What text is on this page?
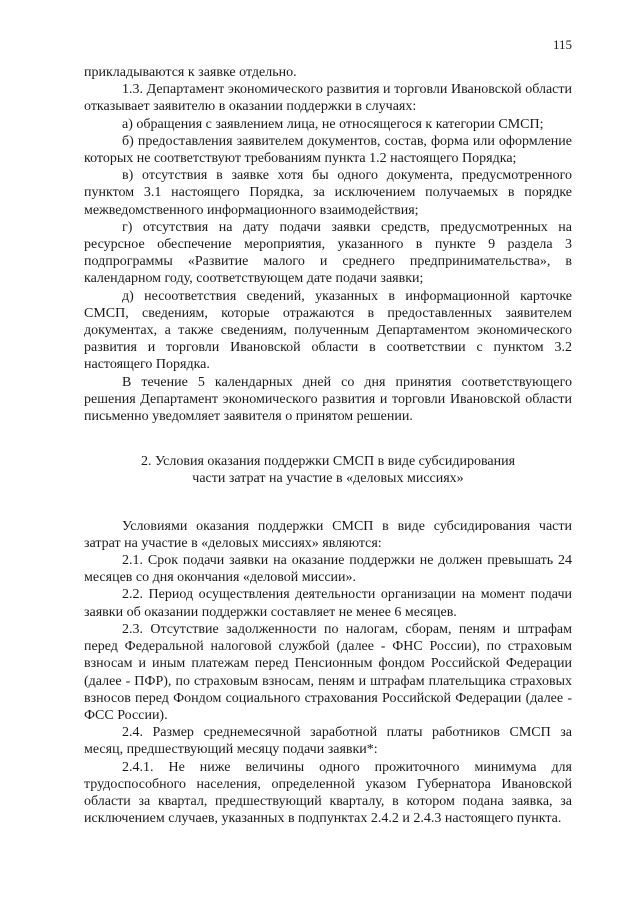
115

прикладываются к заявке отдельно.

1.3. Департамент экономического развития и торговли Ивановской области отказывает заявителю в оказании поддержки в случаях:

а) обращения с заявлением лица, не относящегося к категории СМСП;

б) предоставления заявителем документов, состав, форма или оформление которых не соответствуют требованиям пункта 1.2 настоящего Порядка;

в) отсутствия в заявке хотя бы одного документа, предусмотренного пунктом 3.1 настоящего Порядка, за исключением получаемых в порядке межведомственного информационного взаимодействия;

г) отсутствия на дату подачи заявки средств, предусмотренных на ресурсное обеспечение мероприятия, указанного в пункте 9 раздела 3 подпрограммы «Развитие малого и среднего предпринимательства», в календарном году, соответствующем дате подачи заявки;

д) несоответствия сведений, указанных в информационной карточке СМСП, сведениям, которые отражаются в предоставленных заявителем документах, а также сведениям, полученным Департаментом экономического развития и торговли Ивановской области в соответствии с пунктом 3.2 настоящего Порядка.

В течение 5 календарных дней со дня принятия соответствующего решения Департамент экономического развития и торговли Ивановской области письменно уведомляет заявителя о принятом решении.

2. Условия оказания поддержки СМСП в виде субсидирования
части затрат на участие в «деловых миссиях»

Условиями оказания поддержки СМСП в виде субсидирования части затрат на участие в «деловых миссиях» являются:

2.1. Срок подачи заявки на оказание поддержки не должен превышать 24 месяцев со дня окончания «деловой миссии».

2.2. Период осуществления деятельности организации на момент подачи заявки об оказании поддержки составляет не менее 6 месяцев.

2.3. Отсутствие задолженности по налогам, сборам, пеням и штрафам перед Федеральной налоговой службой (далее - ФНС России), по страховым взносам и иным платежам перед Пенсионным фондом Российской Федерации (далее - ПФР), по страховым взносам, пеням и штрафам плательщика страховых взносов перед Фондом социального страхования Российской Федерации (далее - ФСС России).

2.4. Размер среднемесячной заработной платы работников СМСП за месяц, предшествующий месяцу подачи заявки*:

2.4.1. Не ниже величины одного прожиточного минимума для трудоспособного населения, определенной указом Губернатора Ивановской области за квартал, предшествующий кварталу, в котором подана заявка, за исключением случаев, указанных в подпунктах 2.4.2 и 2.4.3 настоящего пункта.
